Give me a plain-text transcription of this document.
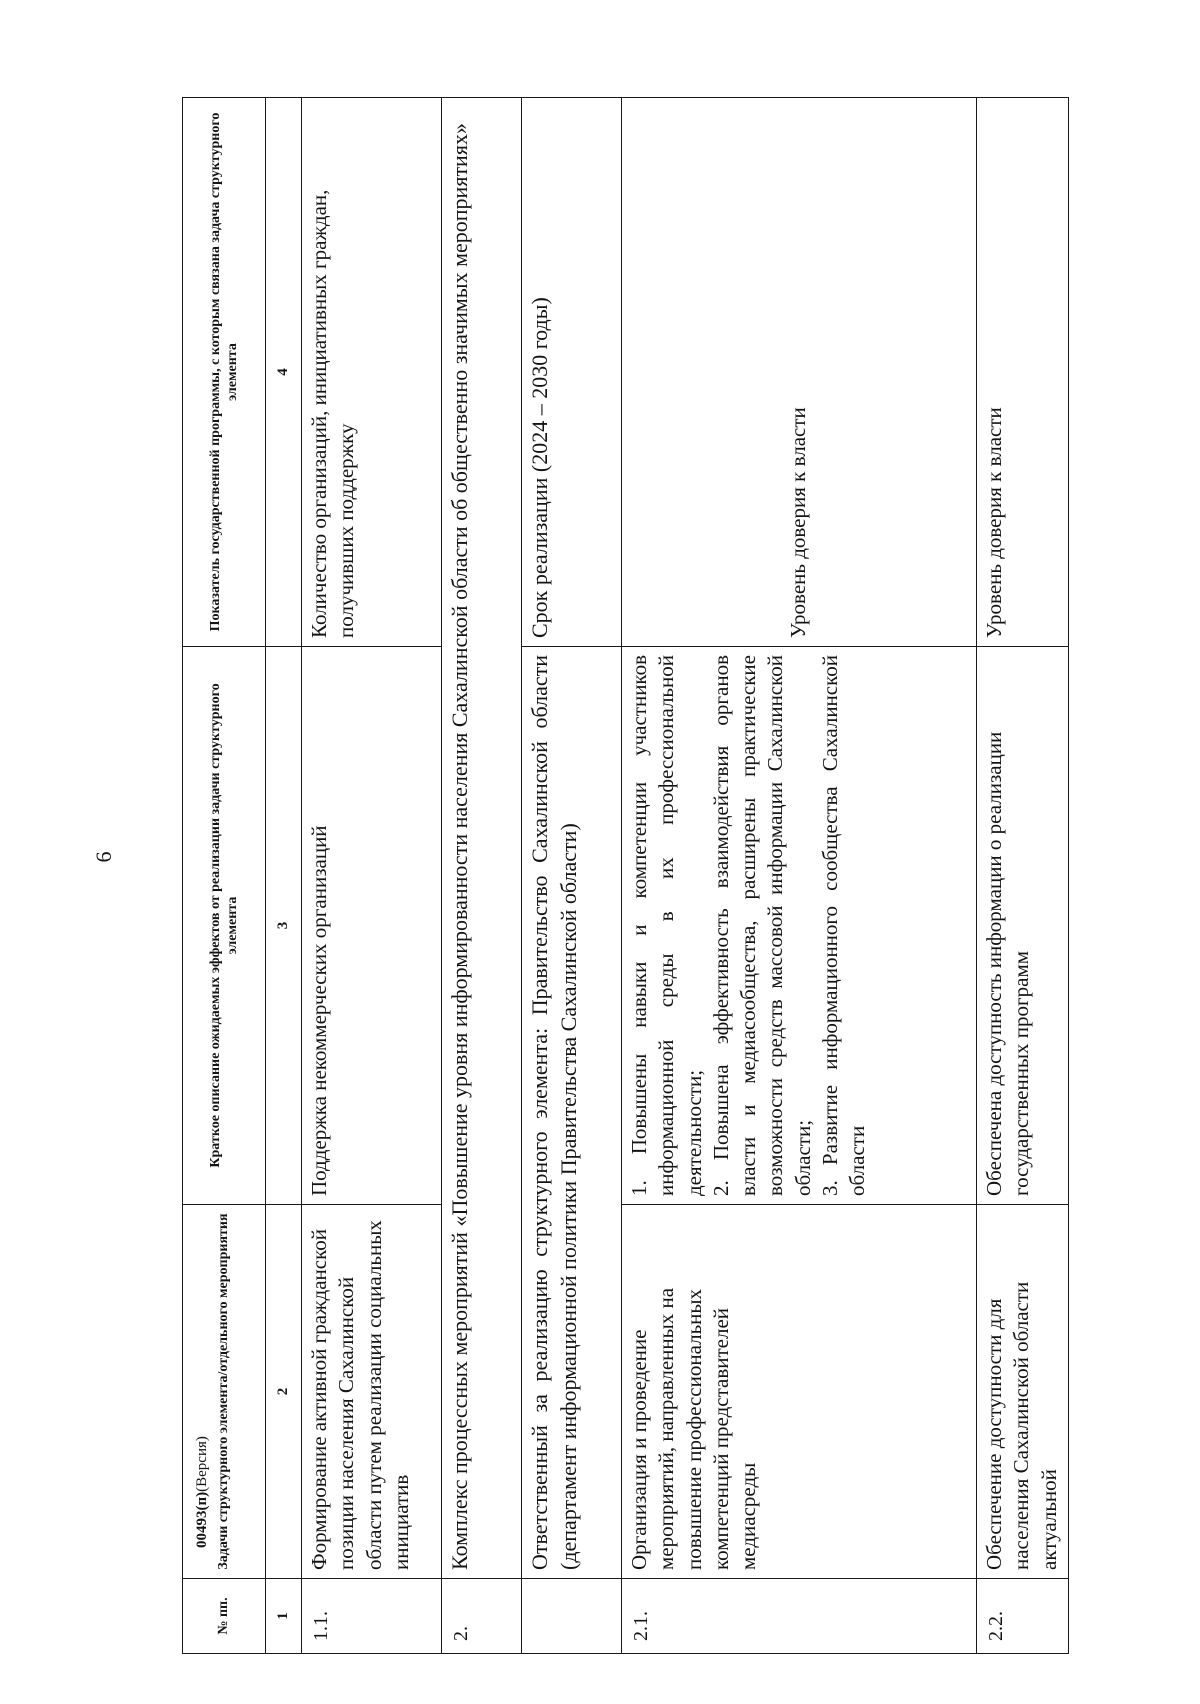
6
№ пп.	Задачи структурного элемента/отдельного мероприятия	Краткое описание ожидаемых эффектов от реализации задачи структурного элемента	Показатель государственной программы, с которым связана задача структурного элемента
1	2	3	4
1.1.	Формирование активной гражданской позиции населения Сахалинской области путем реализации социальных инициатив	Поддержка некоммерческих организаций	Количество организаций, инициативных граждан, получивших поддержку
2.	Комплекс процессных мероприятий «Повышение уровня информированности населения Сахалинской области об общественно значимых мероприятиях»		
	Ответственный за реализацию структурного элемента: Правительство Сахалинской области (департамент информационной политики Правительства Сахалинской области)		Срок реализации (2024 – 2030 годы)
2.1.	Организация и проведение мероприятий, направленных на повышение профессиональных компетенций представителей медиасреды	1. Повышены навыки и компетенции участников информационной среды в их профессиональной деятельности; 2. Повышена эффективность взаимодействия органов власти и медиасообщества, расширены практические возможности средств массовой информации Сахалинской области; 3. Развитие информационного сообщества Сахалинской области	Уровень доверия к власти
2.2.	Обеспечение доступности для населения Сахалинской области актуальной	Обеспечена доступность информации о реализации государственных программ	Уровень доверия к власти
00493(п)(Версия)
